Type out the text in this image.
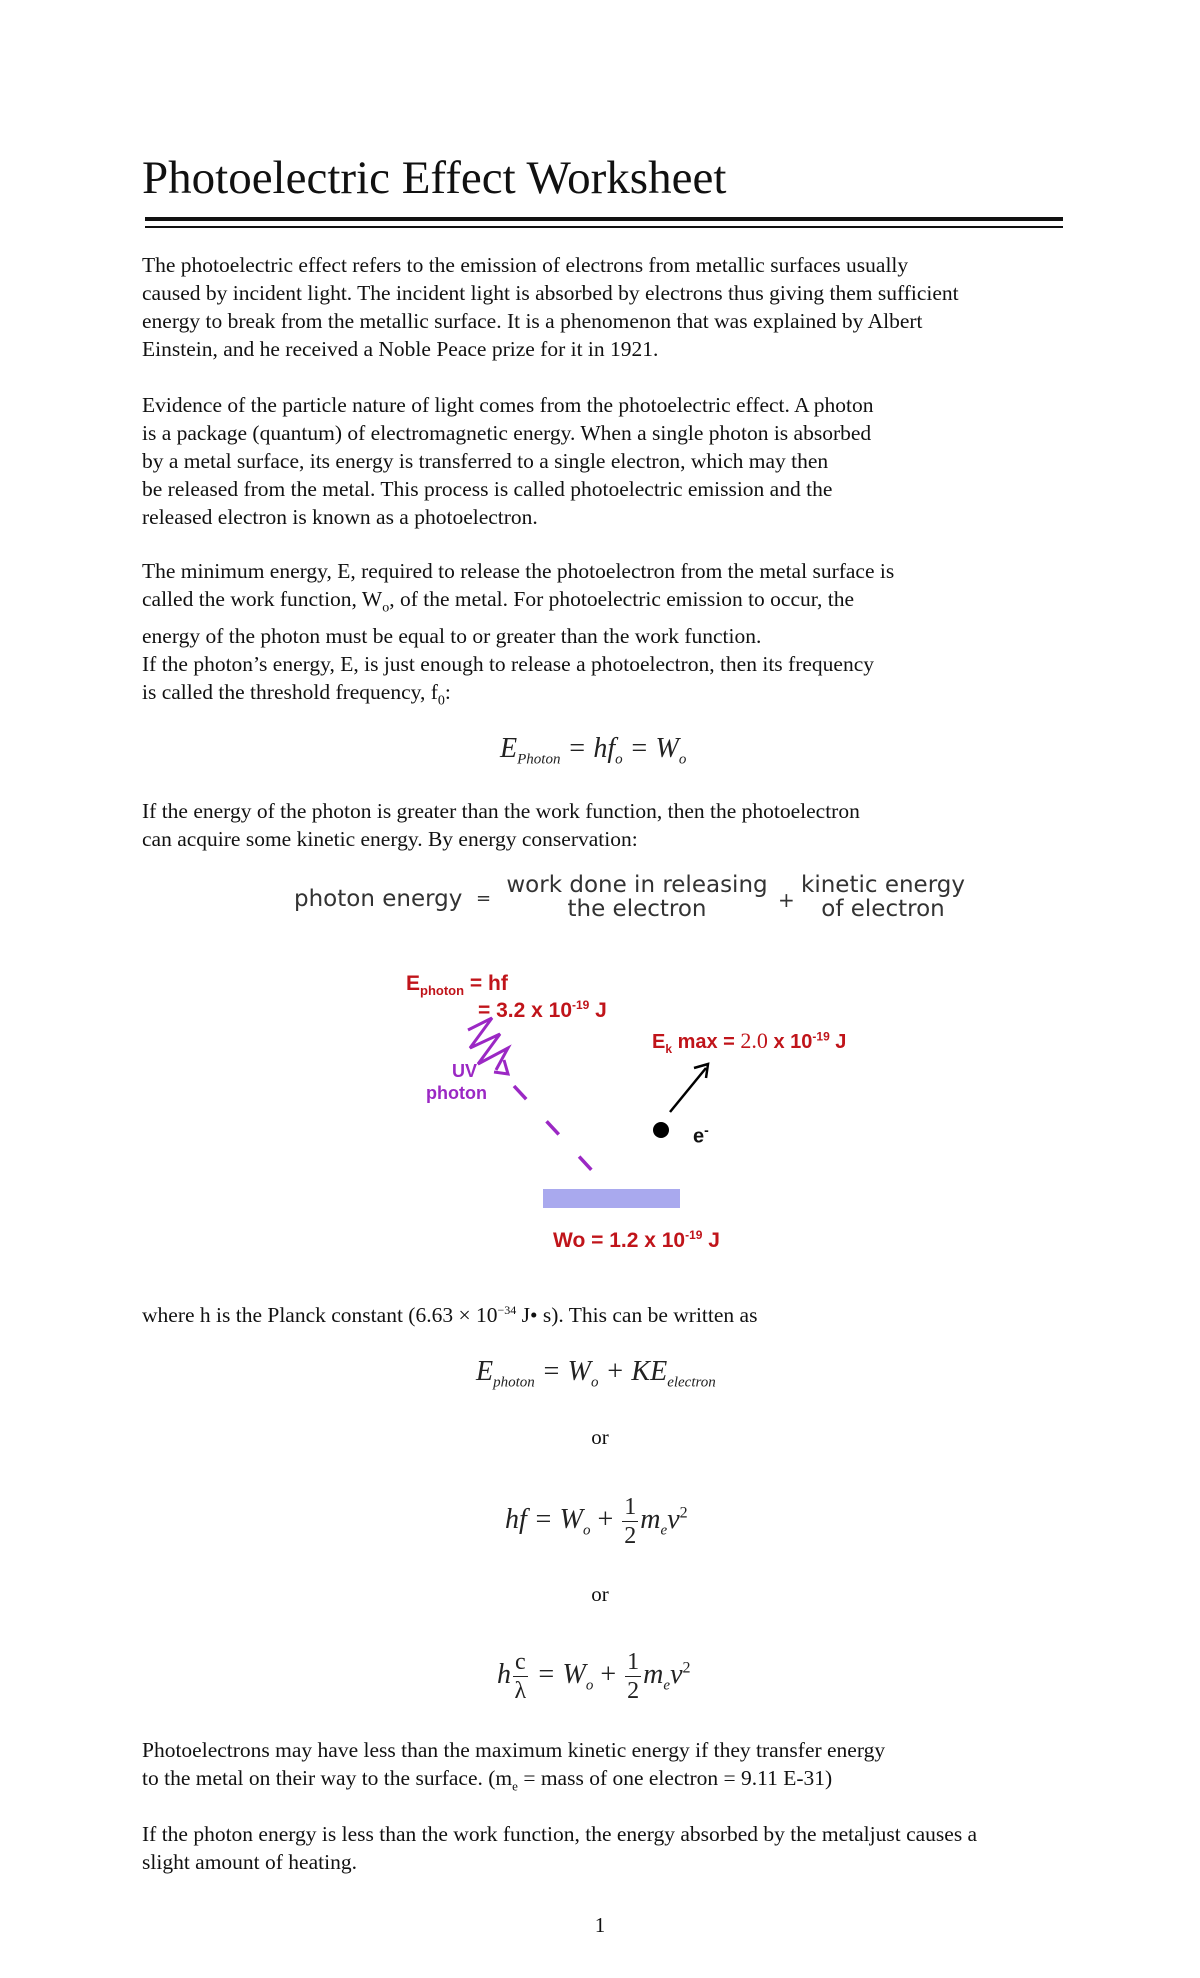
Photoelectric Effect Worksheet

The photoelectric effect refers to the emission of electrons from metallic surfaces usually
caused by incident light. The incident light is absorbed by electrons thus giving them sufficient
energy to break from the metallic surface. It is a phenomenon that was explained by Albert
Einstein, and he received a Noble Peace prize for it in 1921.

Evidence of the particle nature of light comes from the photoelectric effect. A photon
is a package (quantum) of electromagnetic energy. When a single photon is absorbed
by a metal surface, its energy is transferred to a single electron, which may then
be released from the metal. This process is called photoelectric emission and the
released electron is known as a photoelectron.

The minimum energy, E, required to release the photoelectron from the metal surface is
called the work function, $W_o$, of the metal. For photoelectric emission to occur, the
energy of the photon must be equal to or greater than the work function.
If the photon’s energy, E, is just enough to release a photoelectron, then its frequency
is called the threshold frequency, $f_0$:

$E_{Photon} = hf_o = W_o$

If the energy of the photon is greater than the work function, then the photoelectron
can acquire some kinetic energy. By energy conservation:

photon energy =
work done in releasing
the electron	+
kinetic energy
of electron
$E_{photon}$ = hf
= 3.2 x $10^{-19}$ J
UV
photon
$E_k$ max = 2.0 x $10^{-19}$ J
e-
Wo = 1.2 x $10^{-19}$ J

where h is the Planck constant ($6.63 \times 10^{-34}$ J• s). This can be written as

$E_{photon} = W_o + KE_{electron}$
or
hf = $W_o + \frac{1}{2} m_ev^2$
or
h $\frac{c}{\lambda} = W_o + \frac{1}{2} m_ev^2$

Photoelectrons may have less than the maximum kinetic energy if they transfer energy
to the metal on their way to the surface. ($m_e$ = mass of one electron = 9.11 E-31)

If the photon energy is less than the work function, the energy absorbed by the metaljust causes a
slight amount of heating.

1
